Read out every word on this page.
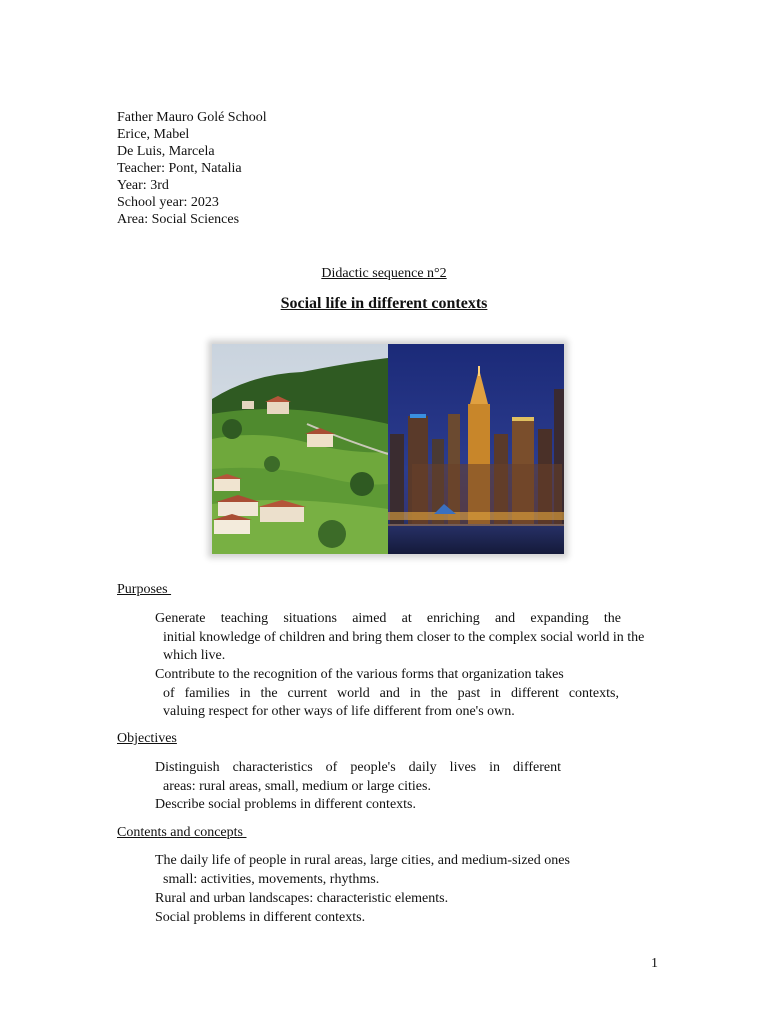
Father Mauro Golé School
Erice, Mabel
De Luis, Marcela
Teacher: Pont, Natalia
Year: 3rd
School year: 2023
Area: Social Sciences
Didactic sequence n°2
Social life in different contexts
Purposes
Generate teaching situations aimed at enriching and expanding the
initial knowledge of children and bring them closer to the complex social world in the
which live.
Contribute to the recognition of the various forms that organization takes
of families in the current world and in the past in different contexts,
valuing respect for other ways of life different from one's own.
Objectives
Distinguish characteristics of people's daily lives in different
areas: rural areas, small, medium or large cities.
Describe social problems in different contexts.
Contents and concepts
The daily life of people in rural areas, large cities, and medium-sized ones
small: activities, movements, rhythms.
Rural and urban landscapes: characteristic elements.
Social problems in different contexts.
1
